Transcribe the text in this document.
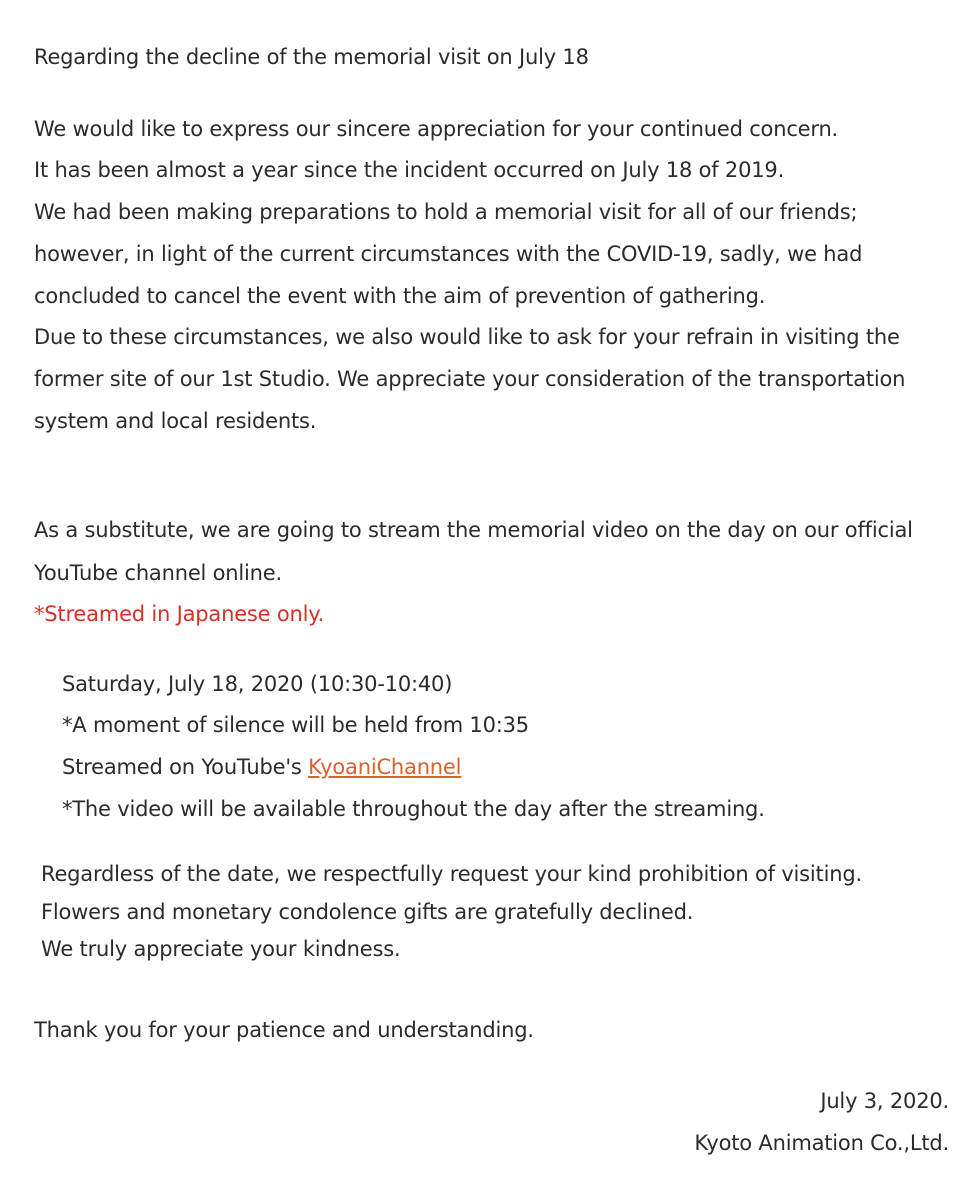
Regarding the decline of the memorial visit on July 18
We would like to express our sincere appreciation for your continued concern.
It has been almost a year since the incident occurred on July 18 of 2019.
We had been making preparations to hold a memorial visit for all of our friends;
however, in light of the current circumstances with the COVID-19, sadly, we had
concluded to cancel the event with the aim of prevention of gathering.
Due to these circumstances, we also would like to ask for your refrain in visiting the
former site of our 1st Studio. We appreciate your consideration of the transportation
system and local residents.
As a substitute, we are going to stream the memorial video on the day on our official
YouTube channel online.
*Streamed in Japanese only.
Saturday, July 18, 2020 (10:30-10:40)
*A moment of silence will be held from 10:35
Streamed on YouTube's KyoaniChannel
*The video will be available throughout the day after the streaming.
Regardless of the date, we respectfully request your kind prohibition of visiting.
Flowers and monetary condolence gifts are gratefully declined.
We truly appreciate your kindness.
Thank you for your patience and understanding.
July 3, 2020.
Kyoto Animation Co.,Ltd.
